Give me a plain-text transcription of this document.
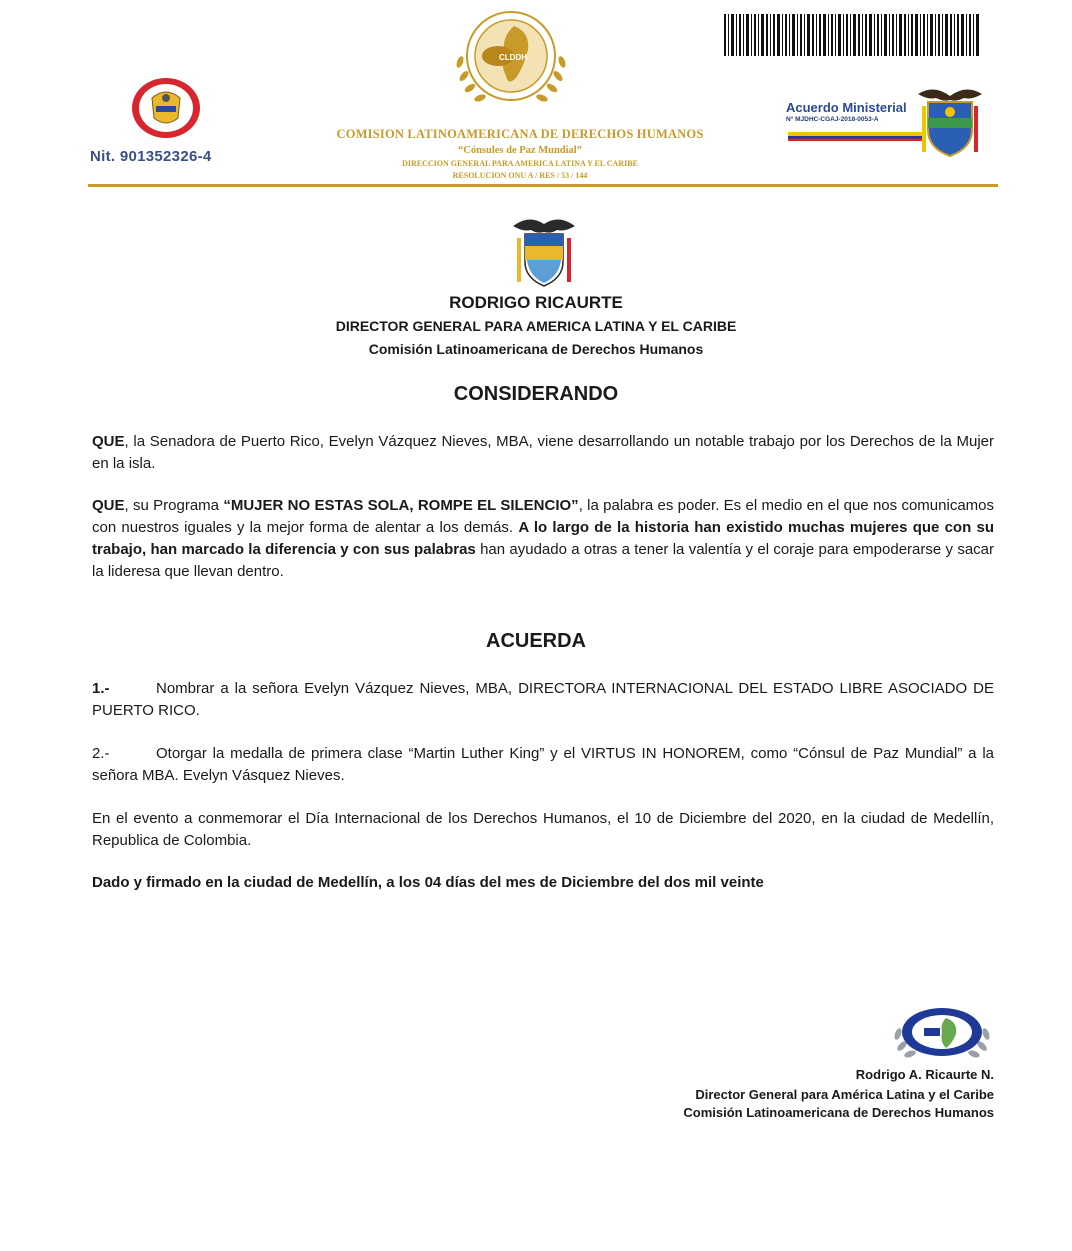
Nit. 901352326-4
CLDDH
COMISION LATINOAMERICANA DE DERECHOS HUMANOS
“Cónsules de Paz Mundial”
DIRECCION GENERAL PARA AMERICA LATINA Y EL CARIBE
RESOLUCION ONU A / RES / 53 / 144
Acuerdo Ministerial
N° MJDHC-CGAJ-2018-0053-A
RODRIGO RICAURTE
DIRECTOR GENERAL PARA AMERICA LATINA Y EL CARIBE
Comisión Latinoamericana de Derechos Humanos
CONSIDERANDO
QUE, la Senadora de Puerto Rico, Evelyn Vázquez Nieves, MBA, viene desarrollando un notable trabajo por los Derechos de la Mujer en la isla.
QUE, su Programa “MUJER NO ESTAS SOLA, ROMPE EL SILENCIO”, la palabra es poder. Es el medio en el que nos comunicamos con nuestros iguales y la mejor forma de alentar a los demás. A lo largo de la historia han existido muchas mujeres que con su trabajo, han marcado la diferencia y con sus palabras han ayudado a otras a tener la valentía y el coraje para empoderarse y sacar la lideresa que llevan dentro.
ACUERDA
1.-	Nombrar a la señora Evelyn Vázquez Nieves, MBA, DIRECTORA INTERNACIONAL DEL ESTADO LIBRE ASOCIADO DE PUERTO RICO.
2.-	Otorgar la medalla de primera clase “Martin Luther King” y el VIRTUS IN HONOREM, como “Cónsul de Paz Mundial” a la señora MBA. Evelyn Vásquez Nieves.
En el evento a conmemorar el Día Internacional de los Derechos Humanos, el 10 de Diciembre del 2020, en la ciudad de Medellín, Republica de Colombia.
Dado y firmado en la ciudad de Medellín, a los 04 días del mes de Diciembre del dos mil veinte
Rodrigo A. Ricaurte N.
Director General para América Latina y el Caribe
Comisión Latinoamericana de Derechos Humanos
